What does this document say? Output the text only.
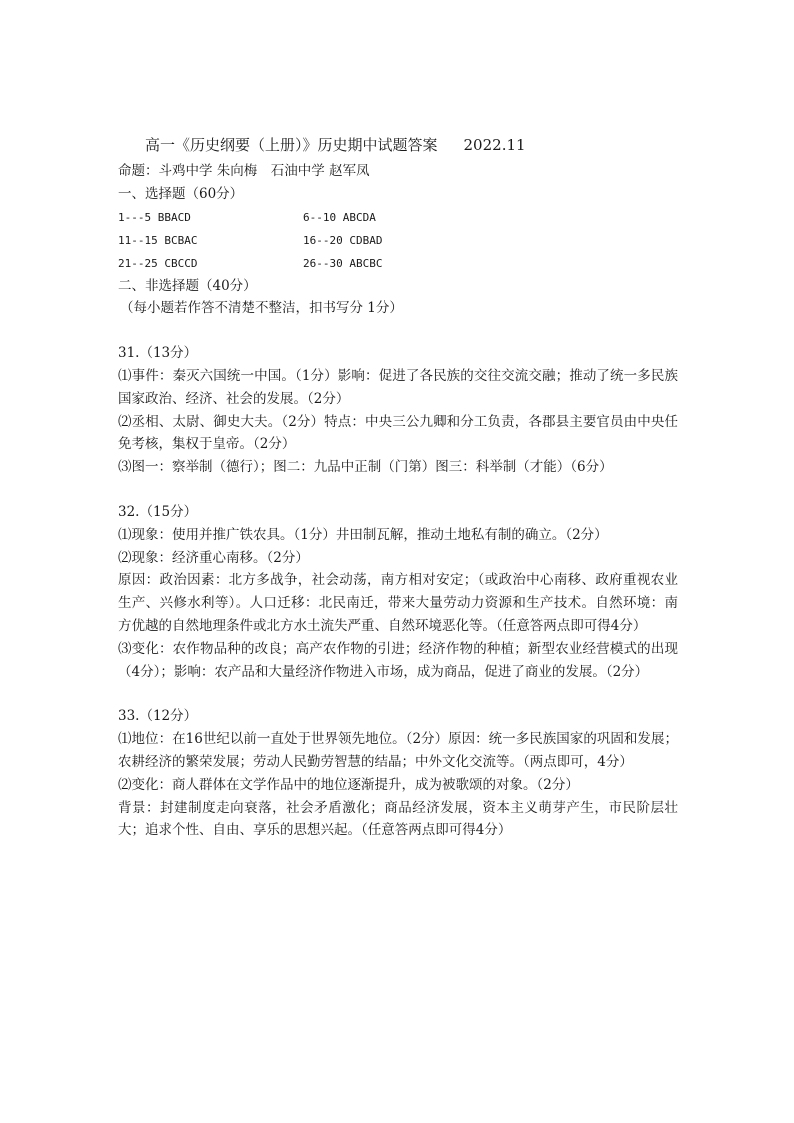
高一《历史纲要（上册）》历史期中试题答案 2022.11
命题：斗鸡中学 朱向梅　石油中学 赵军凤
一、选择题（60分）
1---5 BBACD	6--10 ABCDA
11--15 BCBAC	16--20 CDBAD
21--25 CBCCD	26--30 ABCBC
二、非选择题（40分）
（每小题若作答不清楚不整洁，扣书写分 1分）
31.（13分）
⑴事件：秦灭六国统一中国。（1分）影响：促进了各民族的交往交流交融；推动了统一多民族国家政治、经济、社会的发展。（2分）
⑵丞相、太尉、御史大夫。（2分）特点：中央三公九卿和分工负责，各郡县主要官员由中央任免考核，集权于皇帝。（2分）
⑶图一：察举制（德行）；图二：九品中正制（门第）图三：科举制（才能）（6分）
32.（15分）
⑴现象：使用并推广铁农具。（1分）井田制瓦解，推动土地私有制的确立。（2分）
⑵现象：经济重心南移。（2分）
原因：政治因素：北方多战争，社会动荡，南方相对安定；（或政治中心南移、政府重视农业生产、兴修水利等）。人口迁移：北民南迁，带来大量劳动力资源和生产技术。自然环境：南方优越的自然地理条件或北方水土流失严重、自然环境恶化等。（任意答两点即可得4分）
⑶变化：农作物品种的改良；高产农作物的引进；经济作物的种植；新型农业经营模式的出现（4分）；影响：农产品和大量经济作物进入市场，成为商品，促进了商业的发展。（2分）
33.（12分）
⑴地位：在16世纪以前一直处于世界领先地位。（2分）原因：统一多民族国家的巩固和发展；农耕经济的繁荣发展；劳动人民勤劳智慧的结晶；中外文化交流等。（两点即可，4分）
⑵变化：商人群体在文学作品中的地位逐渐提升，成为被歌颂的对象。（2分）
背景：封建制度走向衰落，社会矛盾激化；商品经济发展，资本主义萌芽产生，市民阶层壮大；追求个性、自由、享乐的思想兴起。（任意答两点即可得4分）
